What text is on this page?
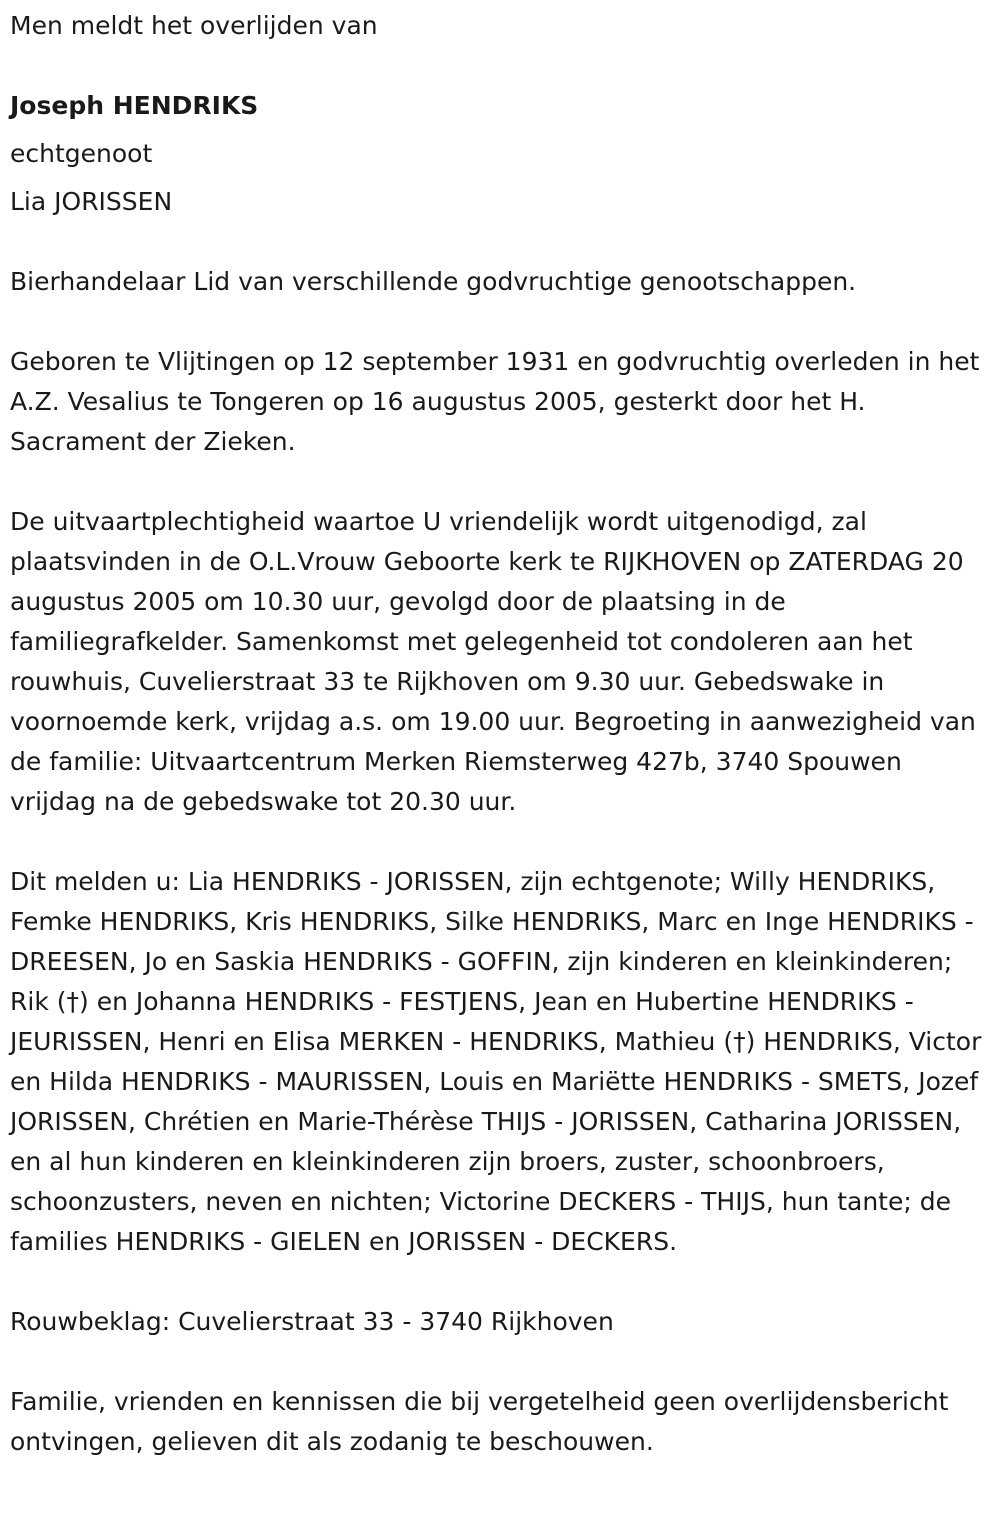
Men meldt het overlijden van

Joseph HENDRIKS

echtgenoot

Lia JORISSEN

Bierhandelaar Lid van verschillende godvruchtige genootschappen.

Geboren te Vlijtingen op 12 september 1931 en godvruchtig overleden in het A.Z. Vesalius te Tongeren op 16 augustus 2005, gesterkt door het H. Sacrament der Zieken.

De uitvaartplechtigheid waartoe U vriendelijk wordt uitgenodigd, zal plaatsvinden in de O.L.Vrouw Geboorte kerk te RIJKHOVEN op ZATERDAG 20 augustus 2005 om 10.30 uur, gevolgd door de plaatsing in de familiegrafkelder. Samenkomst met gelegenheid tot condoleren aan het rouwhuis, Cuvelierstraat 33 te Rijkhoven om 9.30 uur. Gebedswake in voornoemde kerk, vrijdag a.s. om 19.00 uur. Begroeting in aanwezigheid van de familie: Uitvaartcentrum Merken Riemsterweg 427b, 3740 Spouwen vrijdag na de gebedswake tot 20.30 uur.

Dit melden u: Lia HENDRIKS - JORISSEN, zijn echtgenote; Willy HENDRIKS, Femke HENDRIKS, Kris HENDRIKS, Silke HENDRIKS, Marc en Inge HENDRIKS - DREESEN, Jo en Saskia HENDRIKS - GOFFIN, zijn kinderen en kleinkinderen; Rik (†) en Johanna HENDRIKS - FESTJENS, Jean en Hubertine HENDRIKS - JEURISSEN, Henri en Elisa MERKEN - HENDRIKS, Mathieu (†) HENDRIKS, Victor en Hilda HENDRIKS - MAURISSEN, Louis en Mariëtte HENDRIKS - SMETS, Jozef JORISSEN, Chrétien en Marie-Thérèse THIJS - JORISSEN, Catharina JORISSEN, en al hun kinderen en kleinkinderen zijn broers, zuster, schoonbroers, schoonzusters, neven en nichten; Victorine DECKERS - THIJS, hun tante; de families HENDRIKS - GIELEN en JORISSEN - DECKERS.

Rouwbeklag: Cuvelierstraat 33 - 3740 Rijkhoven

Familie, vrienden en kennissen die bij vergetelheid geen overlijdensbericht ontvingen, gelieven dit als zodanig te beschouwen.
